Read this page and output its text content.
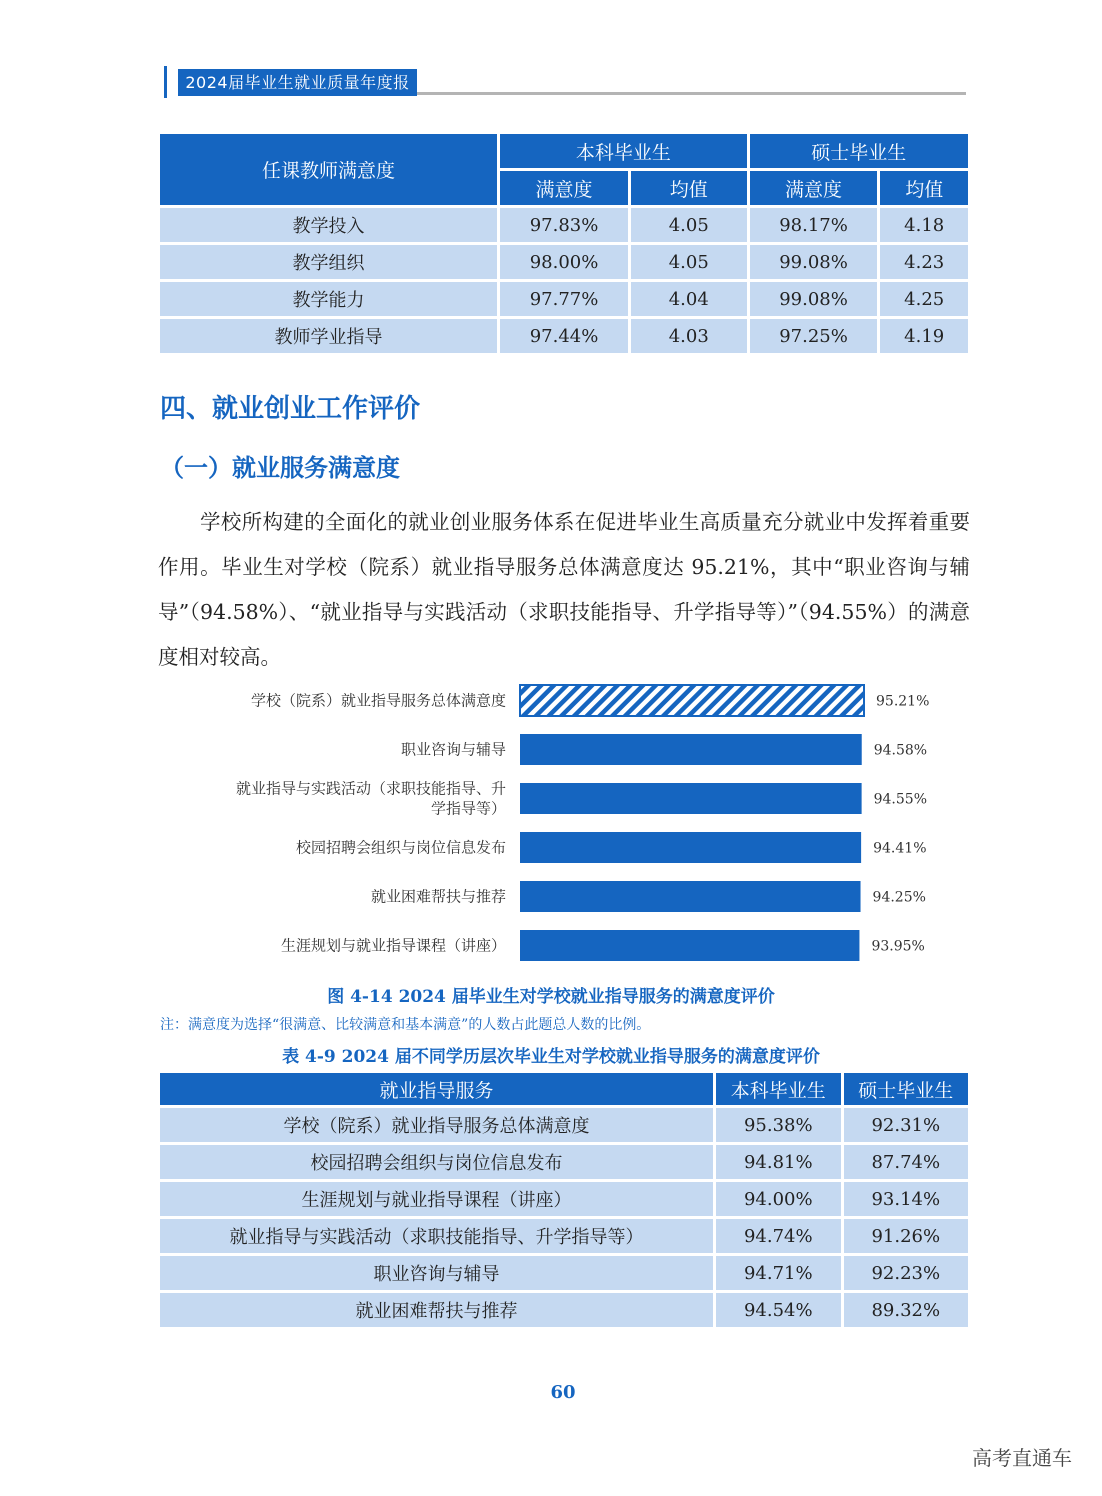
2024届毕业生就业质量年度报告
任课教师满意度	本科毕业生		硕士毕业生	
	满意度	均值	满意度	均值
教学投入	97.83%	4.05	98.17%	4.18
教学组织	98.00%	4.05	99.08%	4.23
教学能力	97.77%	4.04	99.08%	4.25
教师学业指导	97.44%	4.03	97.25%	4.19
四、就业创业工作评价
（一）就业服务满意度
学校所构建的全面化的就业创业服务体系在促进毕业生高质量充分就业中发挥着重要作用。毕业生对学校（院系）就业指导服务总体满意度达 95.21%，其中“职业咨询与辅导”（94.58%）、“就业指导与实践活动（求职技能指导、升学指导等）”（94.55%）的满意度相对较高。
95.21%
学校（院系）就业指导服务总体满意度
94.58%
职业咨询与辅导
94.55%
就业指导与实践活动（求职技能指导、升
学指导等）
94.41%
校园招聘会组织与岗位信息发布
94.25%
就业困难帮扶与推荐
93.95%
生涯规划与就业指导课程（讲座）
图 4-14 2024 届毕业生对学校就业指导服务的满意度评价
注：满意度为选择“很满意、比较满意和基本满意”的人数占此题总人数的比例。
表 4-9 2024 届不同学历层次毕业生对学校就业指导服务的满意度评价
就业指导服务	本科毕业生	硕士毕业生
学校（院系）就业指导服务总体满意度	95.38%	92.31%
校园招聘会组织与岗位信息发布	94.81%	87.74%
生涯规划与就业指导课程（讲座）	94.00%	93.14%
就业指导与实践活动（求职技能指导、升学指导等）	94.74%	91.26%
职业咨询与辅导	94.71%	92.23%
就业困难帮扶与推荐	94.54%	89.32%
60
高考直通车
